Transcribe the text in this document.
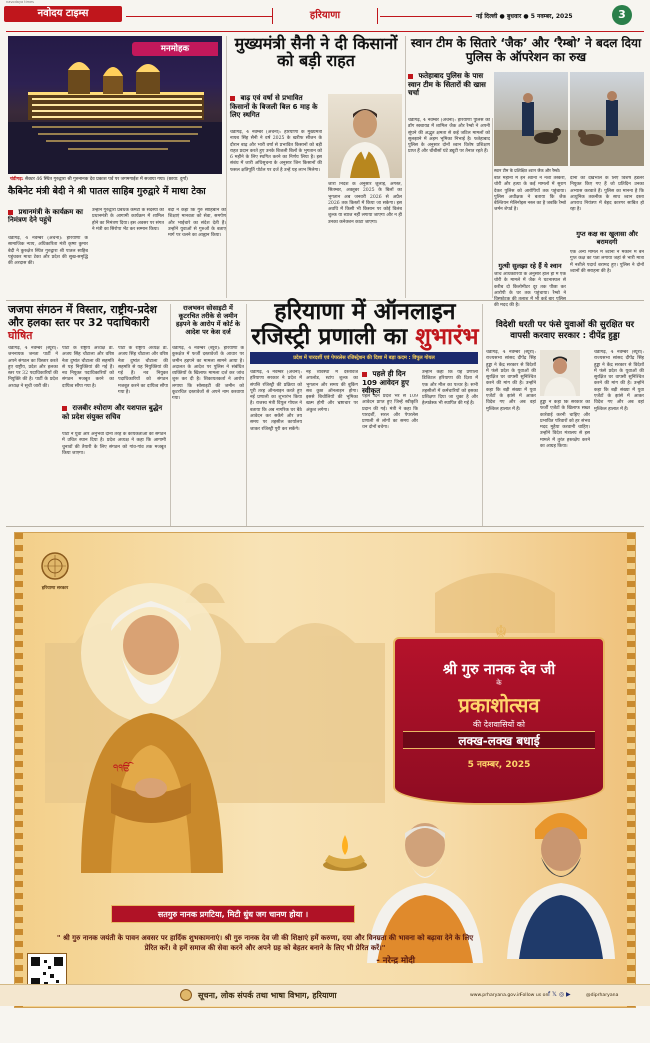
नवोदय टाइम्स
navodaya times
हरियाणा	नई दिल्ली ● बुधवार ● 5 नवम्बर, 2025	3
मनमोहक
चंडीगढ़: सैक्टर 46 स्थित गुरुद्वारा श्री गुरुनानक देव प्रकाश पर्व पर जगमगाईश में सजाया गया। (छाया: दुर्गा)
मुख्यमंत्री सैनी ने दी किसानों को बड़ी राहत
बाढ़ एवं वर्षा से प्रभावित किसानों के बिजली बिल 6 माह के लिए स्थगित
चंडीगढ़, 4 नवम्बर (अर्चना): हरियाणा के मुख्यमंत्री नायब सिंह सैनी ने वर्ष 2025 के खरीफ सीजन के दौरान बाढ़ और भारी वर्षा से प्रभावित किसानों को बड़ी राहत प्रदान करते हुए उनके बिजली बिलों के भुगतान को 6 महीने के लिए स्थगित करने का निर्णय लिया है। इस संबंध में जारी अधिसूचना के अनुसार जिन किसानों की फसल क्षतिपूर्ति पोर्टल पर दर्ज है उन्हें यह लाभ मिलेगा।
जारी निर्देश के अनुसार जुलाई, अगस्त, सितम्बर, अक्तूबर 2025 के बिलों का भुगतान अब जनवरी 2026 से अप्रैल 2026 तक किस्तों में किया जा सकेगा। इस अवधि में किसी भी किसान पर कोई विलंब शुल्क या ब्याज नहीं लगाया जाएगा और न ही उनका कनेक्शन काटा जाएगा।
स्वान टीम के सितारे ‘जैक’ और ‘रैम्बो’ ने बदल दिया पुलिस के ऑपरेशन का रुख
फतेहाबाद पुलिस के पास स्वान टीम के सितारों की खास चर्चा
चंडीगढ़, 4 नवम्बर (अर्चना): हरियाणा पुलिस की डॉग स्क्वायड में शामिल जैक और रैम्बो ने अपनी सूंघने की अद्भुत क्षमता से कई जटिल मामलों को सुलझाने में अहम भूमिका निभाई है। फतेहाबाद पुलिस के अनुसार दोनों श्वान विशेष प्रशिक्षण प्राप्त हैं और चौबीसों घंटे ड्यूटी पर तैनात रहते हैं।
स्वान टीम के प्रशिक्षित श्वान जैक और रैम्बो।
बीते महीनों में इन श्वानों ने नशा तस्करी, चोरी और हत्या के कई मामलों में सुराग देकर पुलिस को आरोपियों तक पहुंचाया। पुलिस अधीक्षक ने बताया कि जैक बेल्जियन मेलिनोइस नस्ल का है जबकि रैम्बो जर्मन शेपर्ड है।
दोनों की देखभाल के लिए विशेष हैंडलर नियुक्त किए गए हैं जो प्रतिदिन उनका अभ्यास करवाते हैं। पुलिस का मानना है कि आधुनिक तकनीक के साथ श्वान दस्ता अपराध नियंत्रण में बेहद कारगर साबित हो रहा है।
गुत्थी सुलझा रहे हैं ये श्वान
जांच अधिकारियों के अनुसार हाल ही में एक चोरी के मामले में जैक ने घटनास्थल से करीब दो किलोमीटर दूर तक पीछा कर आरोपी के घर तक पहुंचाया। रैम्बो ने की मदद की है।
गुप्त कक्ष का खुलासा और बरामदगी
एक अन्य मामले में श्वानों ने मकान में बने गुप्त कक्ष का पता लगाया जहां से भारी मात्रा में नशीले पदार्थ बरामद हुए। पुलिस ने दोनों श्वानों की सराहना की है।
कैबिनेट मंत्री बेदी ने श्री पातल साहिब गुरुद्वारे में माथा टेका
प्रधानमंत्री के कार्यक्रम का निमंत्रण देने पहुंचे
चंडीगढ़, 4 नवम्बर (अर्चना): हरियाणा के सामाजिक न्याय, अधिकारिता मंत्री कृष्ण कुमार बेदी ने कुरुक्षेत्र स्थित गुरुद्वारा श्री पातल साहिब पहुंचकर माथा टेका और प्रदेश की सुख-समृद्धि की अरदास की।
उन्होंने गुरुद्वारा प्रबंधक कमेटी के सदस्यों को प्रधानमंत्री के आगामी कार्यक्रम में शामिल होने का निमंत्रण दिया। इस अवसर पर संगत ने मंत्री का सिरोपा भेंट कर सम्मान किया।
बेदी ने कहा कि गुरु साहिबान की शिक्षाएं मानवता को सेवा, समर्पण और भाईचारे का संदेश देती हैं। उन्होंने युवाओं से गुरुओं के बताए मार्ग पर चलने का आह्वान किया।
जजपा संगठन में विस्तार, राष्ट्रीय-प्रदेश और हलका स्तर पर 32 पदाधिकारी घोषित
चंडीगढ़, 4 नवम्बर (ब्यूरो): जननायक जनता पार्टी ने अपने संगठन का विस्तार करते हुए राष्ट्रीय, प्रदेश और हलका स्तर पर 32 पदाधिकारियों की नियुक्ति की है। पार्टी के प्रदेश अध्यक्ष ने सूची जारी की।
पार्टी के राष्ट्रीय अध्यक्ष डॉ. अजय सिंह चौटाला और वरिष्ठ नेता दुष्यंत चौटाला की सहमति से यह नियुक्तियां की गई हैं। नव नियुक्त पदाधिकारियों को संगठन मजबूत करने का दायित्व सौंपा गया है।
राजबीर श्योराण और यशपाल बुद्धेन को प्रदेश संयुक्त सचिव
पार्टी ने युवा और अनुभवी दोनों तरह के कार्यकर्ताओं को संगठन में उचित स्थान दिया है। प्रदेश अध्यक्ष ने कहा कि आगामी चुनावों की तैयारी के लिए संगठन को गांव-गांव तक मजबूत किया जाएगा।
पार्टी के राष्ट्रीय अध्यक्ष डॉ. अजय सिंह चौटाला और वरिष्ठ नेता दुष्यंत चौटाला की सहमति से यह नियुक्तियां की गई हैं। नव नियुक्त पदाधिकारियों को संगठन मजबूत करने का दायित्व सौंपा गया है।
राजभवन सोसाइटी में कूटरचित तरीके से जमीन हड़पने के आरोप में कोर्ट के आदेश पर केस दर्ज
चंडीगढ़, 4 नवम्बर (ब्यूरो): हरियाणा के कुरुक्षेत्र में फर्जी दस्तावेजों के आधार पर जमीन हड़पने का मामला सामने आया है। अदालत के आदेश पर पुलिस ने संबंधित व्यक्तियों के खिलाफ मामला दर्ज कर जांच शुरू कर दी है। शिकायतकर्ता ने आरोप लगाया कि सोसाइटी की जमीन को कूटरचित दस्तावेजों से अपने नाम करवाया गया।
हरियाणा में ऑनलाइन
रजिस्ट्री प्रणाली का शुभारंभ
प्रदेश में पारदर्शी एवं पेपरलेस रजिस्ट्रेशन की दिशा में बड़ा कदम : विपुल गोयल
चंडीगढ़, 4 नवम्बर (अर्चना): हरियाणा सरकार ने प्रदेश में संपत्ति रजिस्ट्री की प्रक्रिया को पूरी तरह ऑनलाइन करते हुए नई प्रणाली का शुभारंभ किया है। राजस्व मंत्री विपुल गोयल ने बताया कि अब नागरिक घर बैठे आवेदन कर सकेंगे और तय समय पर तहसील कार्यालय जाकर रजिस्ट्री पूरी कर सकेंगे।
नई व्यवस्था में दस्तावेज अपलोड, स्टांप शुल्क का भुगतान और समय की बुकिंग सब कुछ ऑनलाइन होगा। इससे बिचौलियों की भूमिका खत्म होगी और भ्रष्टाचार पर अंकुश लगेगा।
पहले ही दिन 109 आवेदन हुए स्वीकृत
पहले दिन प्रदेश भर से 109 आवेदन प्राप्त हुए जिन्हें स्वीकृति प्रदान की गई। मंत्री ने कहा कि पारदर्शी, सरल और पेपरलेस प्रणाली से लोगों का समय और धन दोनों बचेगा।
उन्होंने कहा कि यह प्रणाली डिजिटल हरियाणा की दिशा में एक और मील का पत्थर है। सभी तहसीलों में कर्मचारियों को इसका प्रशिक्षण दिया जा चुका है और हेल्पडेस्क भी स्थापित की गई है।
विदेशी धरती पर फंसे युवाओं की सुरक्षित घर वापसी करवाए सरकार : दीपेंद्र हुड्डा
चंडीगढ़, 4 नवम्बर (ब्यूरो): राज्यसभा सांसद दीपेंद्र सिंह हुड्डा ने केंद्र सरकार से विदेशों में फंसे प्रदेश के युवाओं की सुरक्षित घर वापसी सुनिश्चित करने की मांग की है। उन्होंने कहा कि बड़ी संख्या में युवा एजेंटों के झांसे में आकर विदेश गए और अब वहां मुश्किल हालात में हैं।
हुड्डा ने कहा कि सरकार को फर्जी एजेंटों के खिलाफ सख्त कार्रवाई करनी चाहिए और प्रभावित परिवारों को हर संभव मदद मुहैया करवानी चाहिए। उन्होंने विदेश मंत्रालय से इस मामले में तुरंत हस्तक्षेप करने का आग्रह किया।
चंडीगढ़, 4 नवम्बर (ब्यूरो): राज्यसभा सांसद दीपेंद्र सिंह हुड्डा ने केंद्र सरकार से विदेशों में फंसे प्रदेश के युवाओं की सुरक्षित घर वापसी सुनिश्चित करने की मांग की है। उन्होंने कहा कि बड़ी संख्या में युवा एजेंटों के झांसे में आकर विदेश गए और अब वहां मुश्किल हालात में हैं।
हरियाणा सरकार
੧ੴ
☬
श्री गुरु नानक देव जी
के
प्रकाशोत्सव
की देशवासियों को
लक्ख-लक्ख बधाई
5 नवम्बर, 2025
सतगुरु नानक प्रगटिया, मिटी धुंध जग चानण होया ।
" श्री गुरु नानक जयंती के पावन अवसर पर हार्दिक शुभकामनाएं। श्री गुरु नानक देव जी की शिक्षाएं हमें करुणा, दया और विनम्रता की भावना को बढ़ावा देने के लिए प्रेरित करें। वे हमें समाज की सेवा करने और अपने ग्रह को बेहतर बनाने के लिए भी प्रेरित करें।"
- नरेन्द्र मोदी
सूचना, लोक संपर्क तथा भाषा विभाग, हरियाणा	www.prharyana.gov.in
Follow us on f 𝕏 ◎ ▶	@diprharyana
